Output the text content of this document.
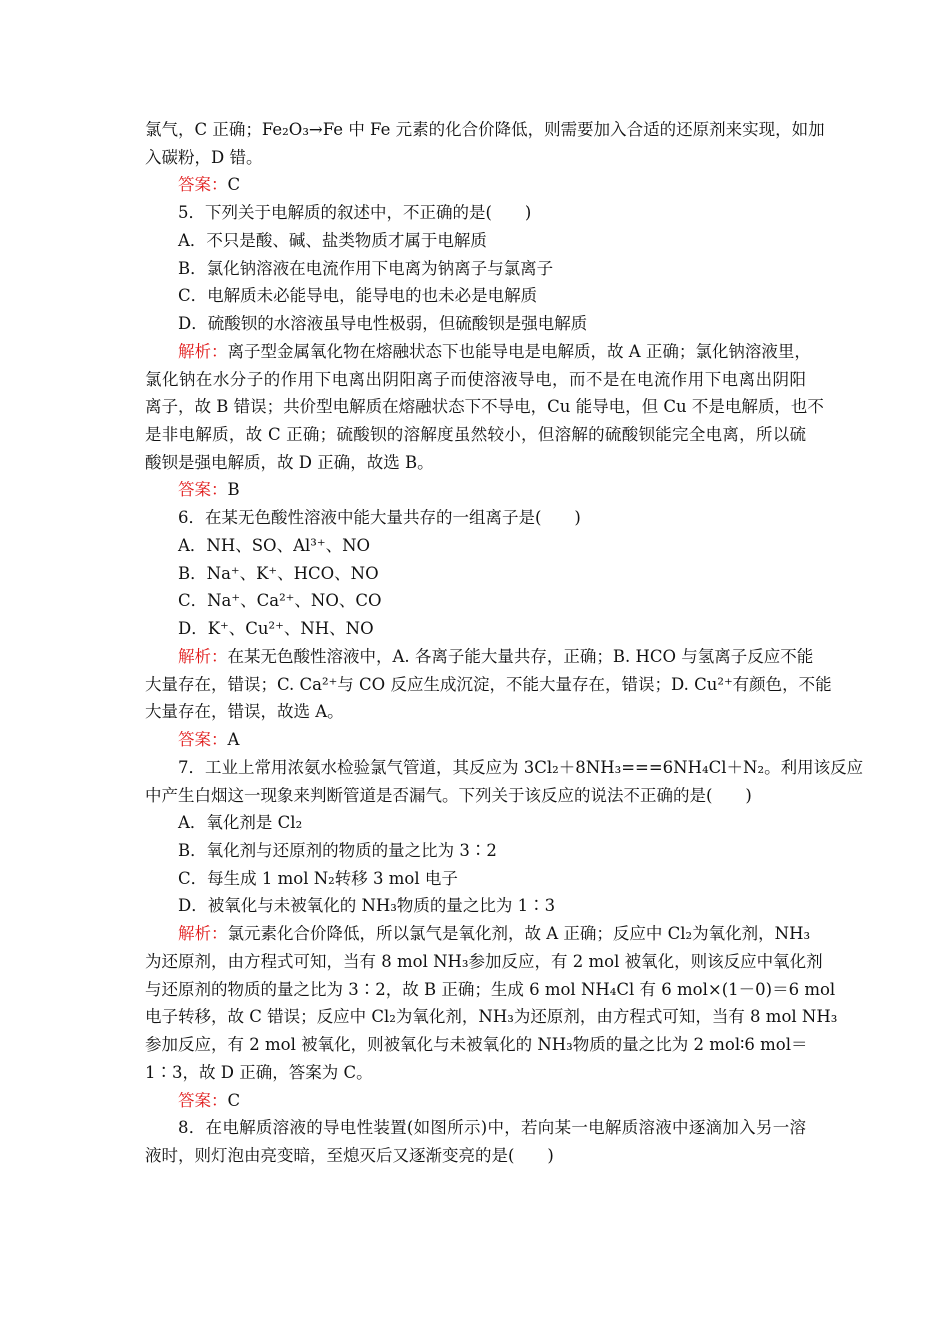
氯气，C 正确；Fe₂O₃→Fe 中 Fe 元素的化合价降低，则需要加入合适的还原剂来实现，如加
入碳粉，D 错。
答案：C
5．下列关于电解质的叙述中，不正确的是(　　)
A．不只是酸、碱、盐类物质才属于电解质
B．氯化钠溶液在电流作用下电离为钠离子与氯离子
C．电解质未必能导电，能导电的也未必是电解质
D．硫酸钡的水溶液虽导电性极弱，但硫酸钡是强电解质
解析：离子型金属氧化物在熔融状态下也能导电是电解质，故 A 正确；氯化钠溶液里，
氯化钠在水分子的作用下电离出阴阳离子而使溶液导电，而不是在电流作用下电离出阴阳
离子，故 B 错误；共价型电解质在熔融状态下不导电，Cu 能导电，但 Cu 不是电解质，也不
是非电解质，故 C 正确；硫酸钡的溶解度虽然较小，但溶解的硫酸钡能完全电离，所以硫
酸钡是强电解质，故 D 正确，故选 B。
答案：B
6．在某无色酸性溶液中能大量共存的一组离子是(　　)
A．NH、SO、Al³⁺、NO
B．Na⁺、K⁺、HCO、NO
C．Na⁺、Ca²⁺、NO、CO
D．K⁺、Cu²⁺、NH、NO
解析：在某无色酸性溶液中，A. 各离子能大量共存，正确；B. HCO 与氢离子反应不能
大量存在，错误；C. Ca²⁺与 CO 反应生成沉淀，不能大量存在，错误；D. Cu²⁺有颜色，不能
大量存在，错误，故选 A。
答案：A
7．工业上常用浓氨水检验氯气管道，其反应为 3Cl₂＋8NH₃===6NH₄Cl＋N₂。利用该反应
中产生白烟这一现象来判断管道是否漏气。下列关于该反应的说法不正确的是(　　)
A．氧化剂是 Cl₂
B．氧化剂与还原剂的物质的量之比为 3∶2
C．每生成 1 mol N₂转移 3 mol 电子
D．被氧化与未被氧化的 NH₃物质的量之比为 1∶3
解析：氯元素化合价降低，所以氯气是氧化剂，故 A 正确；反应中 Cl₂为氧化剂，NH₃
为还原剂，由方程式可知，当有 8 mol NH₃参加反应，有 2 mol 被氧化，则该反应中氧化剂
与还原剂的物质的量之比为 3∶2，故 B 正确；生成 6 mol NH₄Cl 有 6 mol×(1－0)＝6 mol
电子转移，故 C 错误；反应中 Cl₂为氧化剂，NH₃为还原剂，由方程式可知，当有 8 mol NH₃
参加反应，有 2 mol 被氧化，则被氧化与未被氧化的 NH₃物质的量之比为 2 mol∶6 mol＝
1∶3，故 D 正确，答案为 C。
答案：C
8．在电解质溶液的导电性装置(如图所示)中，若向某一电解质溶液中逐滴加入另一溶
液时，则灯泡由亮变暗，至熄灭后又逐渐变亮的是(　　)
